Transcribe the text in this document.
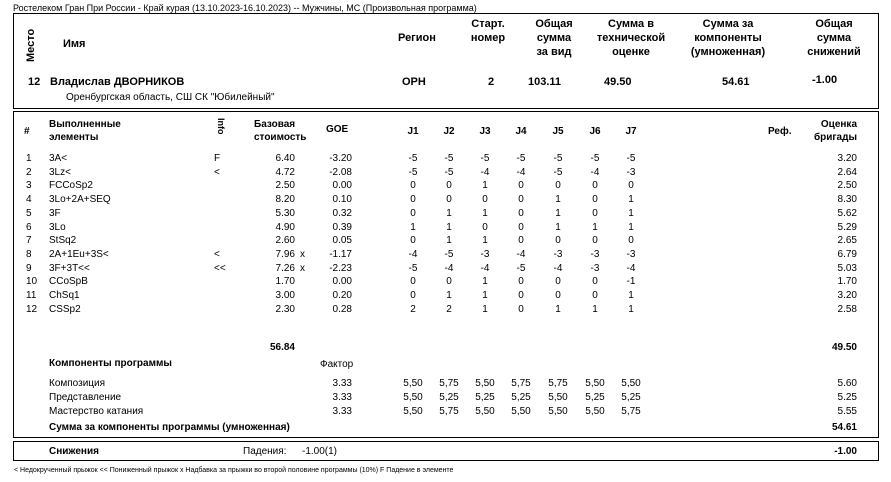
Ростелеком Гран При России - Край курая (13.10.2023-16.10.2023) -- Мужчины, МС (Произвольная программа)
Место Имя	Регион
Старт.
номер
Общая
сумма
за вид
Сумма в
технической
оценке
Сумма за
компоненты
(умноженная)
Общая
сумма
снижений
12 Владислав ДВОРНИКОВ
Оренбургская область, СШ СК "Юбилейный"
ОРН	2	103.11	49.50	54.61	-1.00
#
Выполненные
элементы
Info	Базовая
стоимость
GOE	J1	J2	J3	J4	J5	J6	J7	Реф.
Оценка
бригады
1 3A<	F	6.40	-3.20	-5	-5	-5	-5	-5	-5	-5	3.20
2 3Lz<	<	4.72	-2.08	-5	-5	-4	-4	-5	-4	-3	2.64
3 FCCoSp2	2.50	0.00	0	0	1	0	0	0	0	2.50
4 3Lo+2A+SEQ	8.20	0.10	0	0	0	0	1	0	1	8.30
5 3F	5.30	0.32	0	1	1	0	1	0	1	5.62
6 3Lo	4.90	0.39	1	1	0	0	1	1	1	5.29
7 StSq2	2.60	0.05	0	1	1	0	0	0	0	2.65
8 2A+1Eu+3S<	<	7.96 x	-1.17	-4	-5	-3	-4	-3	-3	-3	6.79
9 3F+3T<<	<<	7.26 x	-2.23	-5	-4	-4	-5	-4	-3	-4	5.03
10 CCoSpB	1.70	0.00	0	0	1	0	0	0	-1	1.70
11 ChSq1	3.00	0.20	0	1	1	0	0	0	1	3.20
12 CSSp2	2.30	0.28	2	2	1	0	1	1	1	2.58
56.84	49.50
Компоненты программы	Фактор
Композиция	3.33	5,50	5,75	5,50	5,75	5,75	5,50	5,50	5.60
Представление	3.33	5,50	5,25	5,25	5,25	5,50	5,25	5,25	5.25
Мастерство катания	3.33	5,50	5,75	5,50	5,50	5,50	5,50	5,75	5.55
Сумма за компоненты программы (умноженная)	54.61
Снижения	Падения: -1.00(1)	-1.00
< Недокрученный прыжок << Пониженный прыжок x Надбавка за прыжки во второй половине программы (10%) F Падение в элементе
